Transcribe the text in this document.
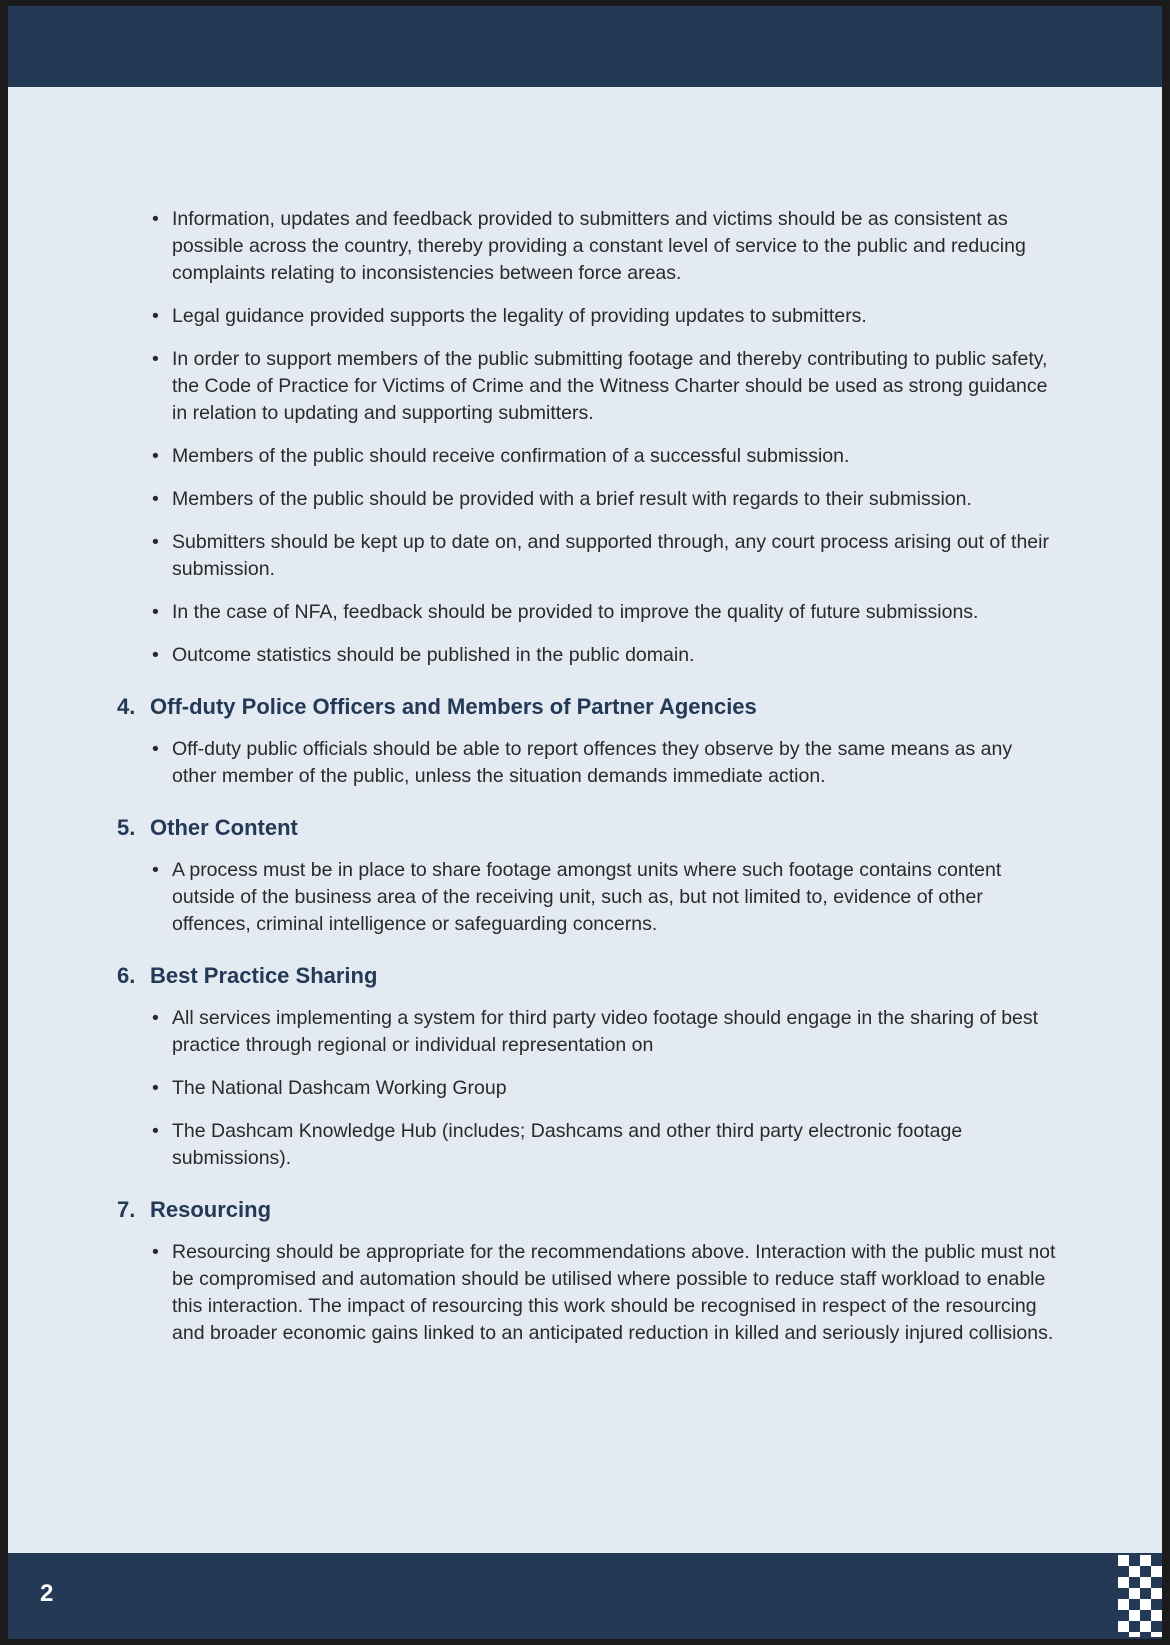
• Information, updates and feedback provided to submitters and victims should be as consistent as possible across the country, thereby providing a constant level of service to the public and reducing complaints relating to inconsistencies between force areas.
• Legal guidance provided supports the legality of providing updates to submitters.
• In order to support members of the public submitting footage and thereby contributing to public safety, the Code of Practice for Victims of Crime and the Witness Charter should be used as strong guidance in relation to updating and supporting submitters.
• Members of the public should receive confirmation of a successful submission.
• Members of the public should be provided with a brief result with regards to their submission.
• Submitters should be kept up to date on, and supported through, any court process arising out of their submission.
• In the case of NFA, feedback should be provided to improve the quality of future submissions.
• Outcome statistics should be published in the public domain.
4. Off-duty Police Officers and Members of Partner Agencies
• Off-duty public officials should be able to report offences they observe by the same means as any other member of the public, unless the situation demands immediate action.
5. Other Content
• A process must be in place to share footage amongst units where such footage contains content outside of the business area of the receiving unit, such as, but not limited to, evidence of other offences, criminal intelligence or safeguarding concerns.
6. Best Practice Sharing
• All services implementing a system for third party video footage should engage in the sharing of best practice through regional or individual representation on
• The National Dashcam Working Group
• The Dashcam Knowledge Hub (includes; Dashcams and other third party electronic footage submissions).
7. Resourcing
• Resourcing should be appropriate for the recommendations above. Interaction with the public must not be compromised and automation should be utilised where possible to reduce staff workload to enable this interaction. The impact of resourcing this work should be recognised in respect of the resourcing and broader economic gains linked to an anticipated reduction in killed and seriously injured collisions.
2
